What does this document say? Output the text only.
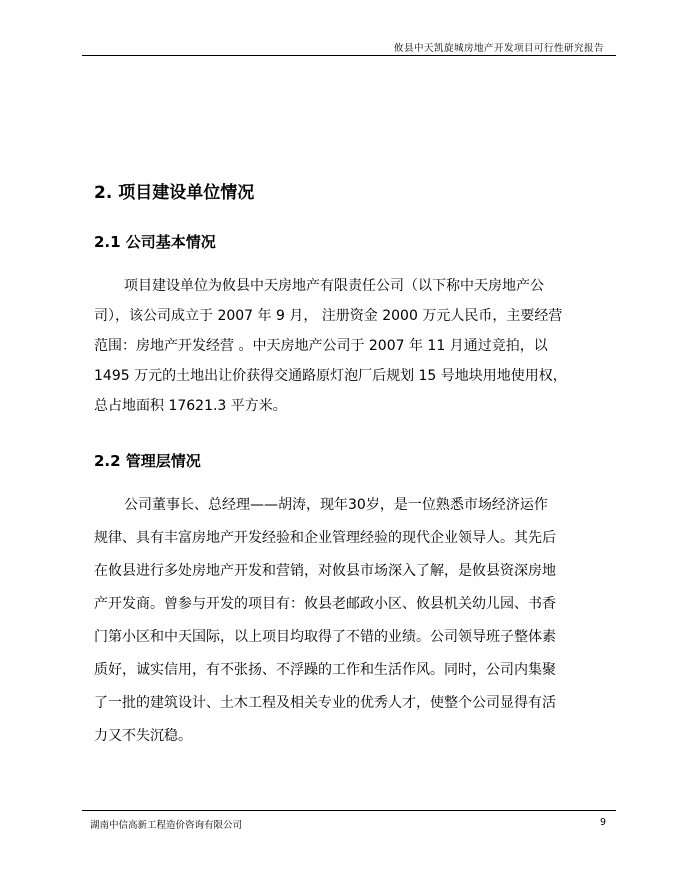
攸县中天凯旋城房地产开发项目可行性研究报告
2. 项目建设单位情况
2.1 公司基本情况
项目建设单位为攸县中天房地产有限责任公司（以下称中天房地产公
司），该公司成立于 2007 年 9 月， 注册资金 2000 万元人民币，主要经营
范围：房地产开发经营 。中天房地产公司于 2007 年 11 月通过竞拍，以
1495 万元的土地出让价获得交通路原灯泡厂后规划 15 号地块用地使用权，
总占地面积 17621.3 平方米。
2.2 管理层情况
公司董事长、总经理——胡涛，现年30岁，是一位熟悉市场经济运作
规律、具有丰富房地产开发经验和企业管理经验的现代企业领导人。其先后
在攸县进行多处房地产开发和营销，对攸县市场深入了解，是攸县资深房地
产开发商。曾参与开发的项目有：攸县老邮政小区、攸县机关幼儿园、书香
门第小区和中天国际，以上项目均取得了不错的业绩。公司领导班子整体素
质好，诚实信用，有不张扬、不浮躁的工作和生活作风。同时，公司内集聚
了一批的建筑设计、土木工程及相关专业的优秀人才，使整个公司显得有活
力又不失沉稳。
湖南中信高新工程造价咨询有限公司	9
